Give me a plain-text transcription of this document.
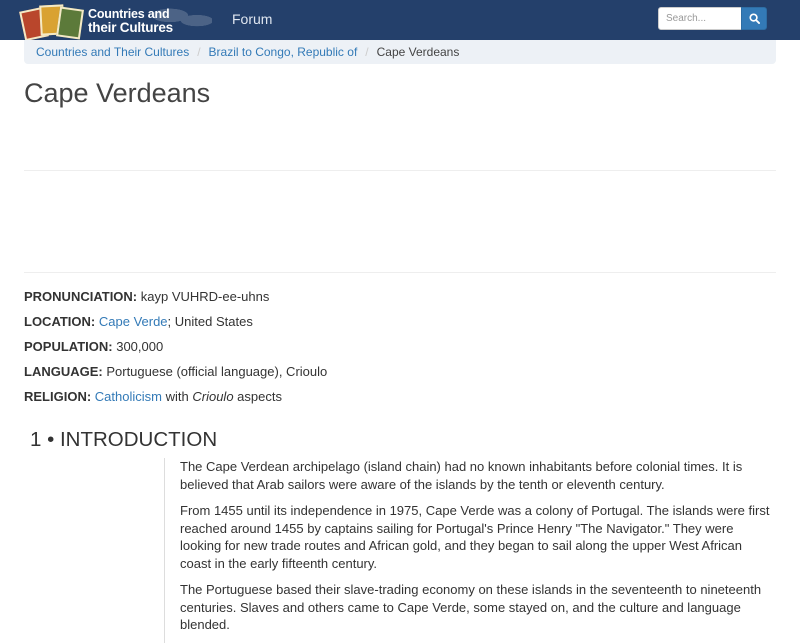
Countries and
their Cultures
Forum
Search...
Countries and Their Cultures / Brazil to Congo, Republic of / Cape Verdeans
Cape Verdeans
PRONUNCIATION: kayp VUHRD-ee-uhns
LOCATION: Cape Verde; United States
POPULATION: 300,000
LANGUAGE: Portuguese (official language), Crioulo
RELIGION: Catholicism with Crioulo aspects
1 • INTRODUCTION

The Cape Verdean archipelago (island chain) had no known inhabitants before colonial times. It is believed that Arab sailors were aware of the islands by the tenth or eleventh century.

From 1455 until its independence in 1975, Cape Verde was a colony of Portugal. The islands were first reached around 1455 by captains sailing for Portugal's Prince Henry "The Navigator." They were looking for new trade routes and African gold, and they began to sail along the upper West African coast in the early fifteenth century.

The Portuguese based their slave-trading economy on these islands in the seventeenth to nineteenth centuries. Slaves and others came to Cape Verde, some stayed on, and the culture and language blended.
